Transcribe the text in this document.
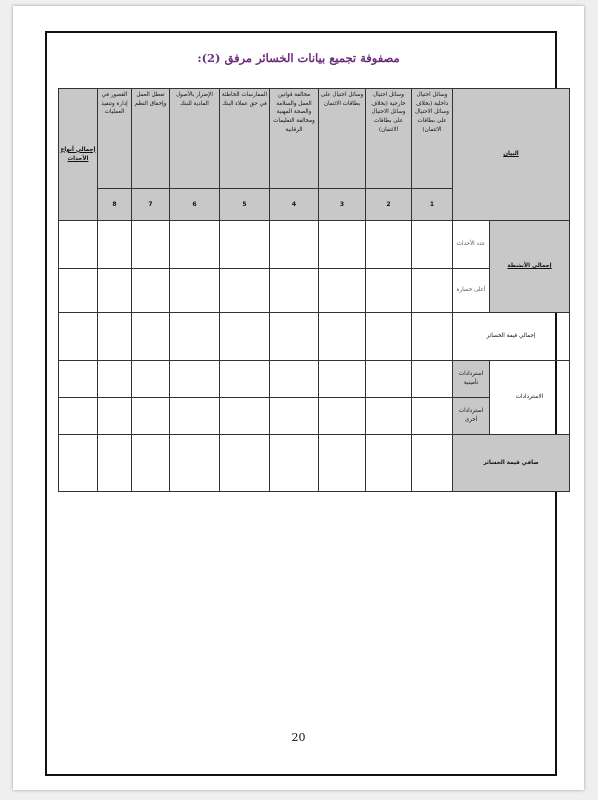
مصفوفة تجميع بيانات الخسائر مرفق (2):
البيان		وسائل احتيال داخلية (بخلاف وسائل الاحتيال على بطاقات الائتمان)	وسائل احتيال خارجية (بخلاف وسائل الاحتيال على بطاقات الائتمان)	وسائل احتيال على بطاقات الائتمان	مخالفة قوانين العمل والسلامة والصحة المهنية ومخالفة التعليمات الرقابية	الممارسات الخاطئة في حق عملاء البنك	الإضرار بالأصول المادية للبنك	تعطل العمل وإخفاق النظم	القصور في إدارة وتنفيذ العمليات	إجمالي أنواع الأحداث
		1	2	3	4	5	6	7	8	
إجمالي الأنشطة	عدد الأحداث									
	أعلى خسارة									
إجمالي قيمة الخسائر										
الاستردادات	استردادات تأمينية									
	استردادات أخرى									
صافي قيمة الخسائر										
20
